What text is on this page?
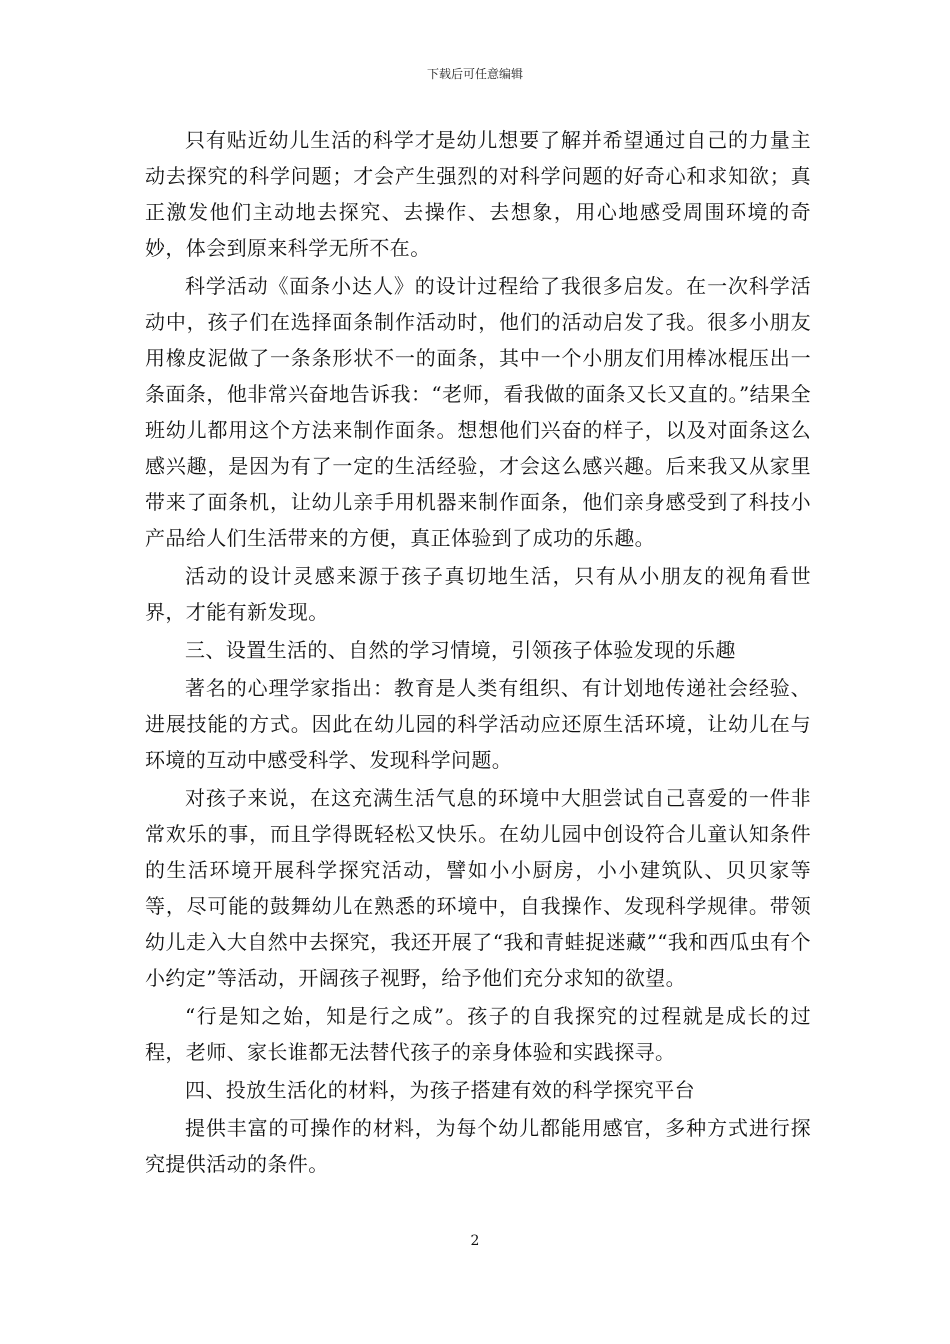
下载后可任意编辑

只有贴近幼儿生活的科学才是幼儿想要了解并希望通过自己的力量主动去探究的科学问题；才会产生强烈的对科学问题的好奇心和求知欲；真正激发他们主动地去探究、去操作、去想象，用心地感受周围环境的奇妙，体会到原来科学无所不在。

科学活动《面条小达人》的设计过程给了我很多启发。在一次科学活动中，孩子们在选择面条制作活动时，他们的活动启发了我。很多小朋友用橡皮泥做了一条条形状不一的面条，其中一个小朋友们用棒冰棍压出一条面条，他非常兴奋地告诉我：“老师，看我做的面条又长又直的。”结果全班幼儿都用这个方法来制作面条。想想他们兴奋的样子，以及对面条这么感兴趣，是因为有了一定的生活经验，才会这么感兴趣。后来我又从家里带来了面条机，让幼儿亲手用机器来制作面条，他们亲身感受到了科技小产品给人们生活带来的方便，真正体验到了成功的乐趣。

活动的设计灵感来源于孩子真切地生活，只有从小朋友的视角看世界，才能有新发现。

三、设置生活的、自然的学习情境，引领孩子体验发现的乐趣

著名的心理学家指出：教育是人类有组织、有计划地传递社会经验、进展技能的方式。因此在幼儿园的科学活动应还原生活环境，让幼儿在与环境的互动中感受科学、发现科学问题。

对孩子来说，在这充满生活气息的环境中大胆尝试自己喜爱的一件非常欢乐的事，而且学得既轻松又快乐。在幼儿园中创设符合儿童认知条件的生活环境开展科学探究活动，譬如小小厨房，小小建筑队、贝贝家等等，尽可能的鼓舞幼儿在熟悉的环境中，自我操作、发现科学规律。带领幼儿走入大自然中去探究，我还开展了“我和青蛙捉迷藏”“我和西瓜虫有个小约定”等活动，开阔孩子视野，给予他们充分求知的欲望。

“行是知之始，知是行之成”。孩子的自我探究的过程就是成长的过程，老师、家长谁都无法替代孩子的亲身体验和实践探寻。

四、投放生活化的材料，为孩子搭建有效的科学探究平台

提供丰富的可操作的材料，为每个幼儿都能用感官，多种方式进行探究提供活动的条件。

2
